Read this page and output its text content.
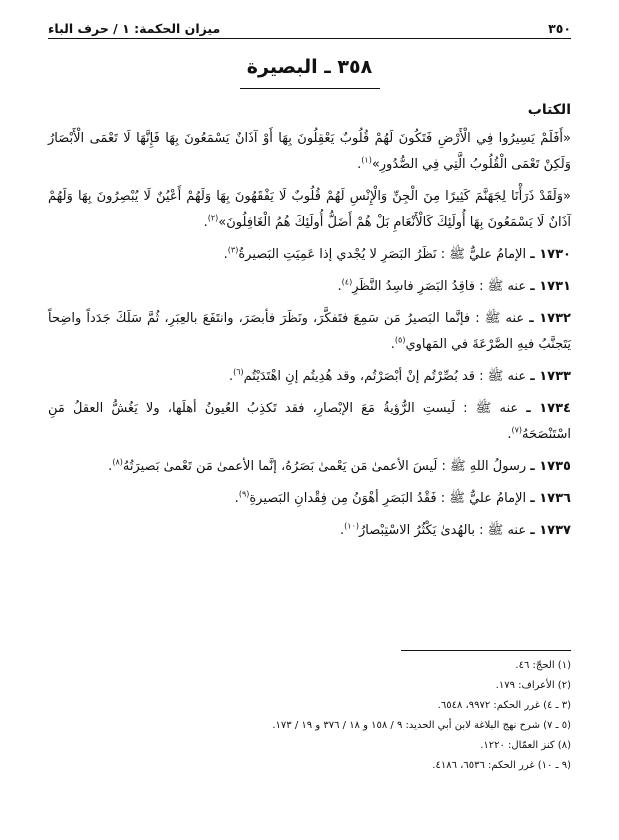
٣٥٠
ميزان الحكمة: ١ / حرف الباء
٣٥٨ ـ البصيرة
الكتاب

«أَفَلَمْ يَسِيرُوا فِي الْأَرْضِ فَتَكُونَ لَهُمْ قُلُوبٌ يَعْقِلُونَ بِهَا أَوْ آذَانٌ يَسْمَعُونَ بِهَا فَإِنَّهَا لَا تَعْمَى الْأَبْصَارُ وَلَكِنْ تَعْمَى الْقُلُوبُ الَّتِي فِي الصُّدُورِ»$^{(١)}$.

«وَلَقَدْ ذَرَأْنَا لِجَهَنَّمَ كَثِيرًا مِنَ الْجِنِّ وَالْإِنْسِ لَهُمْ قُلُوبٌ لَا يَفْقَهُونَ بِهَا وَلَهُمْ أَعْيُنٌ لَا يُبْصِرُونَ بِهَا وَلَهُمْ آذَانٌ لَا يَسْمَعُونَ بِهَا أُولَئِكَ كَالْأَنْعَامِ بَلْ هُمْ أَضَلُّ أُولَئِكَ هُمُ الْغَافِلُونَ»$^{(٢)}$.

١٧٣٠ ـ الإمامُ عليٌّ ﷺ : نَظَرُ البَصَرِ لا يُجْدي إذا عَمِيَتِ البَصيرةُ$^{(٣)}$.

١٧٣١ ـ عنه ﷺ : فاقِدُ البَصَرِ فاسِدُ النَّظَرِ$^{(٤)}$.

١٧٣٢ ـ عنه ﷺ : فإنَّما البَصيرُ مَن سَمِعَ فتَفكَّرَ، ونَظَرَ فأبصَرَ، وانتَفَعَ بالعِبَرِ، ثُمَّ سَلَكَ جَدَداً واضِحاً يَتَجنَّبُ فيهِ الصَّرْعَةَ في المَهاوي$^{(٥)}$.

١٧٣٣ ـ عنه ﷺ : قد بُصِّرْتُم إنْ أبْصَرْتُم، وقد هُدِيتُم إنِ اهْتَدَيْتُم$^{(٦)}$.

١٧٣٤ ـ عنه ﷺ : لَيستِ الرُّؤيةُ مَعَ الإبْصارِ، فقد تَكذِبُ العُيونُ أهلَها، ولا يَغُشُّ العقلُ مَنِ اسْتَنْصَحَهُ$^{(٧)}$.

١٧٣٥ ـ رسولُ اللهِ ﷺ : لَيسَ الأعمىٰ مَن يَعْمىٰ بَصَرُهُ، إنَّما الأعمىٰ مَن تَعْمىٰ بَصيرَتُهُ$^{(٨)}$.

١٧٣٦ ـ الإمامُ عليٌّ ﷺ : فَقْدُ البَصَرِ أهْوَنُ مِن فِقْدانِ البَصيرةِ$^{(٩)}$.

١٧٣٧ ـ عنه ﷺ : بالهُدىٰ يَكْثُرُ الاسْتِبْصارُ$^{(١٠)}$.

(١) الحجّ: ٤٦.
(٢) الأعراف: ١٧٩.
(٣ ـ ٤) غرر الحكم: ٩٩٧٢، ٦٥٤٨.
(٥ ـ ٧) شرح نهج البلاغة لابن أبي الحديد: ٩ / ١٥٨ و ١٨ / ٣٧٦ و ١٩ / ١٧٣.
(٨) كنز العمّال: ١٢٢٠.
(٩ ـ ١٠) غرر الحكم: ٦٥٣٦، ٤١٨٦.
